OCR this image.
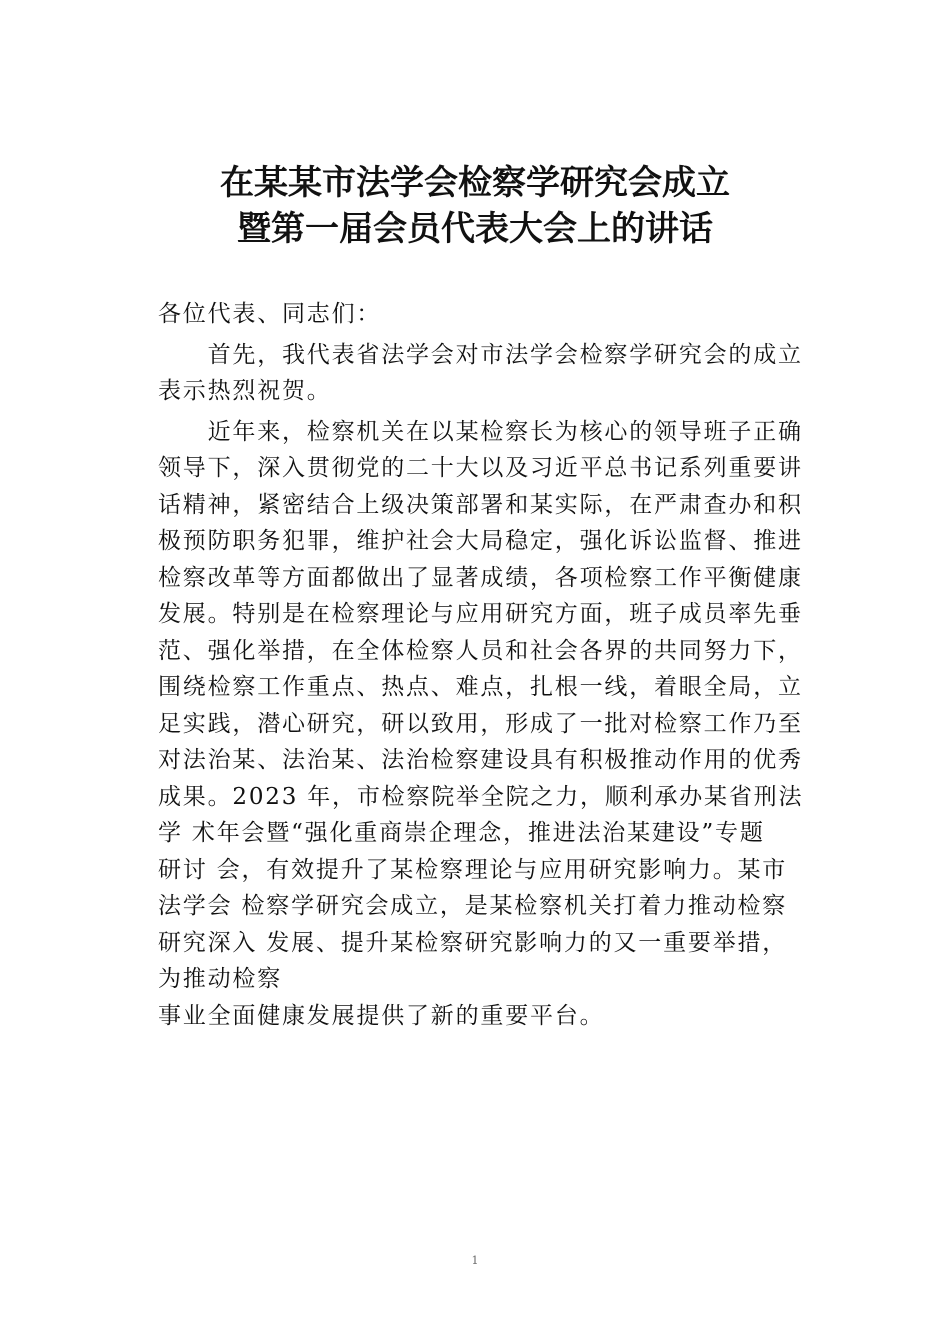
在某某市法学会检察学研究会成立
暨第一届会员代表大会上的讲话
各位代表、同志们：
　　首先，我代表省法学会对市法学会检察学研究会的成立
表示热烈祝贺。
　　近年来，检察机关在以某检察长为核心的领导班子正确
领导下，深入贯彻党的二十大以及习近平总书记系列重要讲
话精神，紧密结合上级决策部署和某实际，在严肃查办和积
极预防职务犯罪，维护社会大局稳定，强化诉讼监督、推进
检察改革等方面都做出了显著成绩，各项检察工作平衡健康
发展。特别是在检察理论与应用研究方面，班子成员率先垂
范、强化举措，在全体检察人员和社会各界的共同努力下，
围绕检察工作重点、热点、难点，扎根一线，着眼全局，立
足实践，潜心研究，研以致用，形成了一批对检察工作乃至
对法治某、法治某、法治检察建设具有积极推动作用的优秀
成果。2023 年，市检察院举全院之力，顺利承办某省刑法
学 术年会暨“强化重商崇企理念，推进法治某建设”专题
研讨 会，有效提升了某检察理论与应用研究影响力。某市
法学会 检察学研究会成立，是某检察机关打着力推动检察
研究深入 发展、提升某检察研究影响力的又一重要举措，
为推动检察
事业全面健康发展提供了新的重要平台。
1
